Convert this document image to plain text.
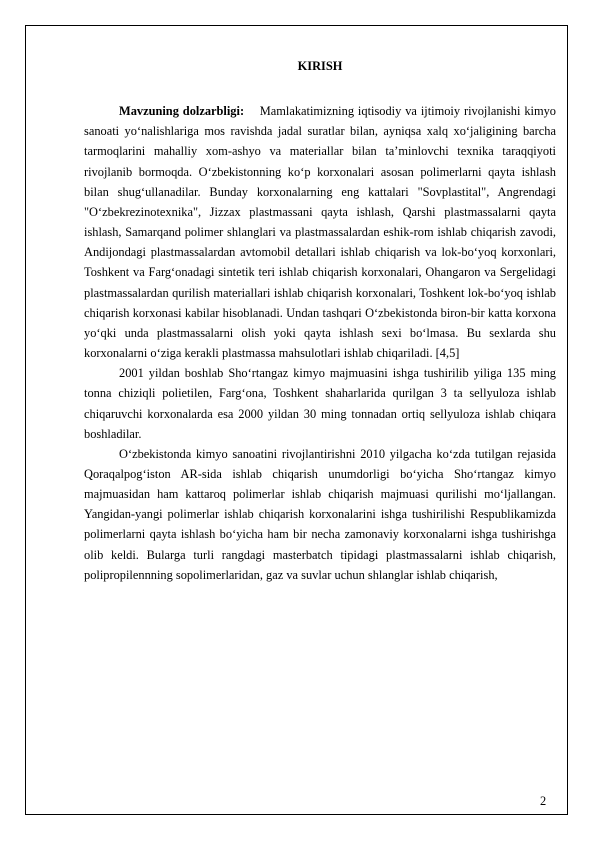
KIRISH

Mavzuning dolzarbligi: Mamlakatimizning iqtisodiy va ijtimoiy rivojlanishi kimyo sanoati yo‘nalishlariga mos ravishda jadal suratlar bilan, ayniqsa xalq xo‘jaligining barcha tarmoqlarini mahalliy xom-ashyo va materiallar bilan ta’minlovchi texnika taraqqiyoti rivojlanib bormoqda. O‘zbekistonning ko‘p korxonalari asosan polimerlarni qayta ishlash bilan shug‘ullanadilar. Bunday korxonalarning eng kattalari "Sovplastital", Angrendagi "O‘zbekrezinotexnika", Jizzax plastmassani qayta ishlash, Qarshi plastmassalarni qayta ishlash, Samarqand polimer shlanglari va plastmassalardan eshik-rom ishlab chiqarish zavodi, Andijondagi plastmassalardan avtomobil detallari ishlab chiqarish va lok-bo‘yoq korxonlari, Toshkent va Farg‘onadagi sintetik teri ishlab chiqarish korxonalari, Ohangaron va Sergelidagi plastmassalardan qurilish materiallari ishlab chiqarish korxonalari, Toshkent lok-bo‘yoq ishlab chiqarish korxonasi kabilar hisoblanadi. Undan tashqari O‘zbekistonda biron-bir katta korxona yo‘qki unda plastmassalarni olish yoki qayta ishlash sexi bo‘lmasa. Bu sexlarda shu korxonalarni o‘ziga kerakli plastmassa mahsulotlari ishlab chiqariladi. [4,5]

2001 yildan boshlab Sho‘rtangaz kimyo majmuasini ishga tushirilib yiliga 135 ming tonna chiziqli polietilen, Farg‘ona, Toshkent shaharlarida qurilgan 3 ta sellyuloza ishlab chiqaruvchi korxonalarda esa 2000 yildan 30 ming tonnadan ortiq sellyuloza ishlab chiqara boshladilar.

O‘zbekistonda kimyo sanoatini rivojlantirishni 2010 yilgacha ko‘zda tutilgan rejasida Qoraqalpog‘iston AR-sida ishlab chiqarish unumdorligi bo‘yicha Sho‘rtangaz kimyo majmuasidan ham kattaroq polimerlar ishlab chiqarish majmuasi qurilishi mo‘ljallangan. Yangidan-yangi polimerlar ishlab chiqarish korxonalarini ishga tushirilishi Respublikamizda polimerlarni qayta ishlash bo‘yicha ham bir necha zamonaviy korxonalarni ishga tushirishga olib keldi. Bularga turli rangdagi masterbatch tipidagi plastmassalarni ishlab chiqarish, polipropilennning sopolimerlaridan, gaz va suvlar uchun shlanglar ishlab chiqarish,

2
